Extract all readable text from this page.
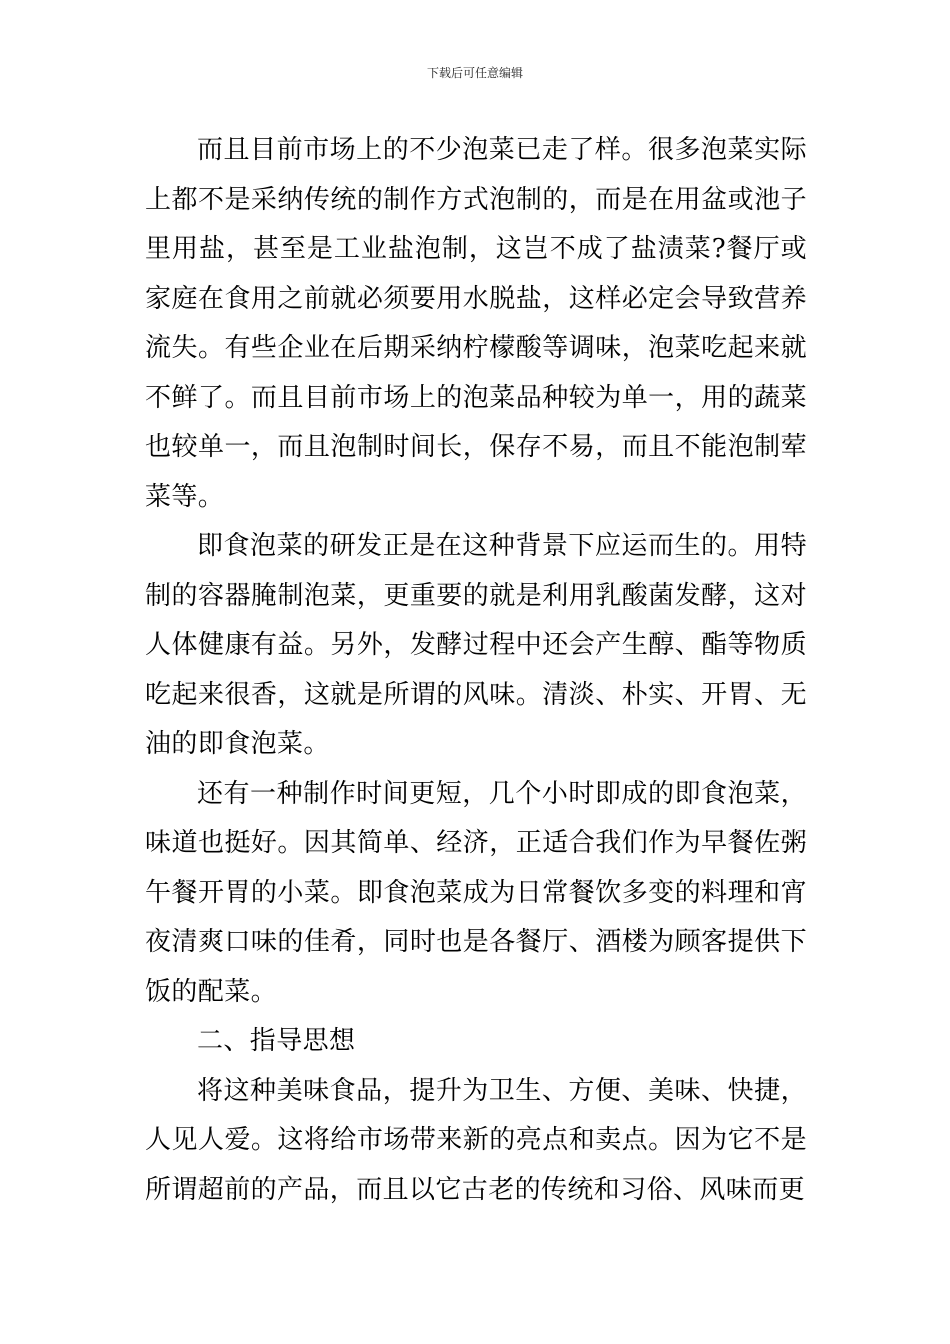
下载后可任意编辑

而且目前市场上的不少泡菜已走了样。很多泡菜实际上都不是采纳传统的制作方式泡制的，而是在用盆或池子里用盐，甚至是工业盐泡制，这岂不成了盐渍菜?餐厅或家庭在食用之前就必须要用水脱盐，这样必定会导致营养流失。有些企业在后期采纳柠檬酸等调味，泡菜吃起来就不鲜了。而且目前市场上的泡菜品种较为单一，用的蔬菜也较单一，而且泡制时间长，保存不易，而且不能泡制荤菜等。

即食泡菜的研发正是在这种背景下应运而生的。用特制的容器腌制泡菜，更重要的就是利用乳酸菌发酵，这对人体健康有益。另外，发酵过程中还会产生醇、酯等物质吃起来很香，这就是所谓的风味。清淡、朴实、开胃、无油的即食泡菜。

还有一种制作时间更短，几个小时即成的即食泡菜，味道也挺好。因其简单、经济，正适合我们作为早餐佐粥午餐开胃的小菜。即食泡菜成为日常餐饮多变的料理和宵夜清爽口味的佳肴，同时也是各餐厅、酒楼为顾客提供下饭的配菜。

二、指导思想

将这种美味食品，提升为卫生、方便、美味、快捷，人见人爱。这将给市场带来新的亮点和卖点。因为它不是所谓超前的产品，而且以它古老的传统和习俗、风味而更
